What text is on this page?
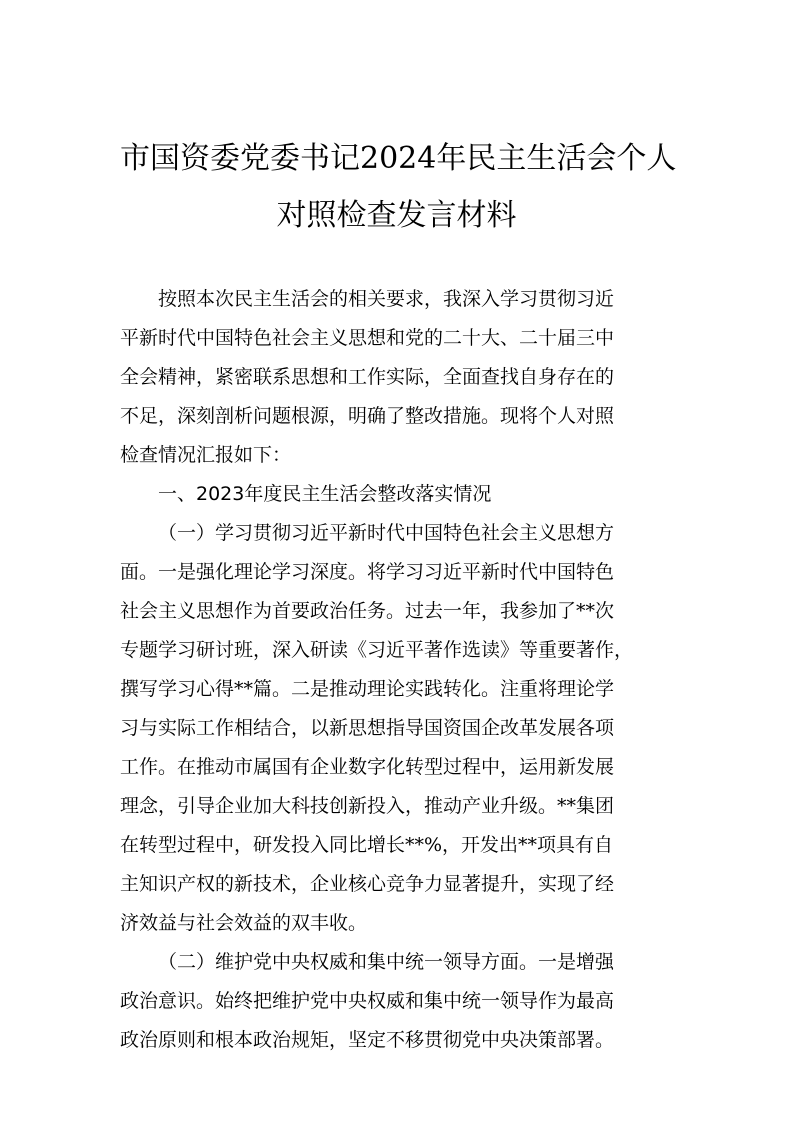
市国资委党委书记2024年民主生活会个人
对照检查发言材料
按照本次民主生活会的相关要求，我深入学习贯彻习近
平新时代中国特色社会主义思想和党的二十大、二十届三中
全会精神，紧密联系思想和工作实际，全面查找自身存在的
不足，深刻剖析问题根源，明确了整改措施。现将个人对照
检查情况汇报如下：
一、2023年度民主生活会整改落实情况
（一）学习贯彻习近平新时代中国特色社会主义思想方
面。一是强化理论学习深度。将学习习近平新时代中国特色
社会主义思想作为首要政治任务。过去一年，我参加了**次
专题学习研讨班，深入研读《习近平著作选读》等重要著作，
撰写学习心得**篇。二是推动理论实践转化。注重将理论学
习与实际工作相结合，以新思想指导国资国企改革发展各项
工作。在推动市属国有企业数字化转型过程中，运用新发展
理念，引导企业加大科技创新投入，推动产业升级。**集团
在转型过程中，研发投入同比增长**%，开发出**项具有自
主知识产权的新技术，企业核心竞争力显著提升，实现了经
济效益与社会效益的双丰收。
（二）维护党中央权威和集中统一领导方面。一是增强
政治意识。始终把维护党中央权威和集中统一领导作为最高
政治原则和根本政治规矩，坚定不移贯彻党中央决策部署。
